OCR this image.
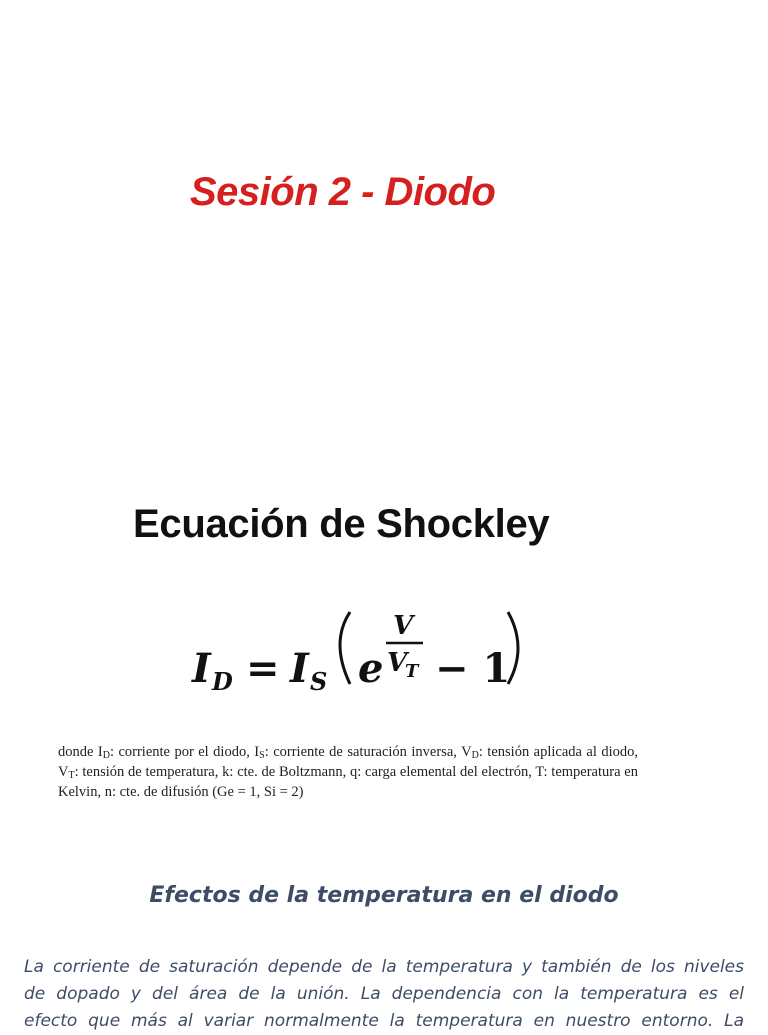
Sesión 2 - Diodo
Ecuación de Shockley
I D = I S e
V
V
T − 1

donde $I_D$: corriente por el diodo, $I_S$: corriente de saturación inversa, $V_D$: tensión aplicada al diodo, $V_T$: tensión de temperatura, k: cte. de Boltzmann, q: carga elemental del electrón, T: temperatura en Kelvin, n: cte. de difusión (Ge = 1, Si = 2)

Efectos de la temperatura en el diodo
La corriente de saturación depende de la temperatura y también de los niveles
de dopado y del área de la unión. La dependencia con la temperatura es el
efecto que más al variar normalmente la temperatura en nuestro entorno. La
